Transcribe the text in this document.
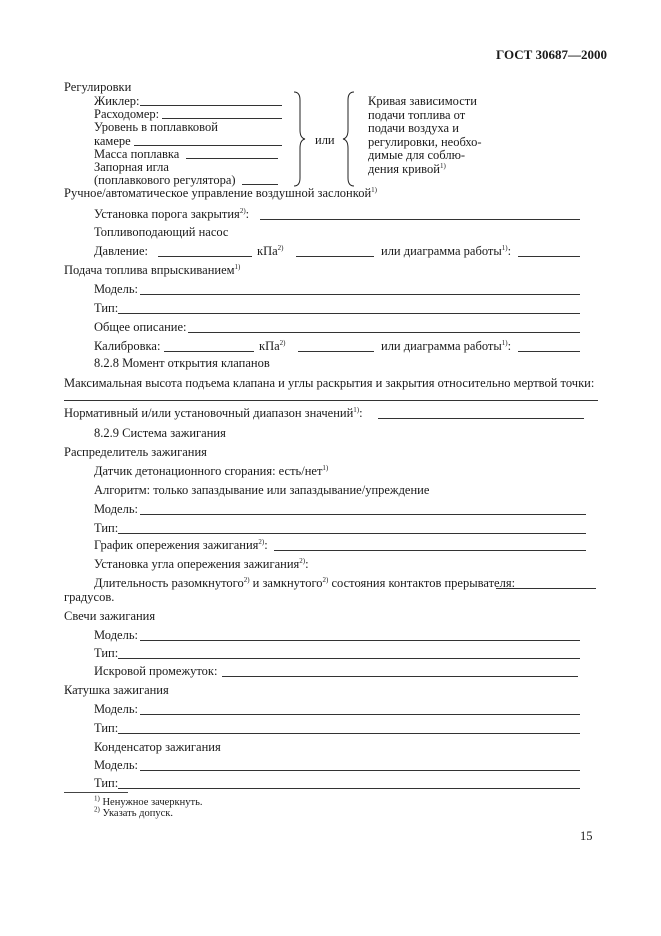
ГОСТ 30687—2000
Регулировки
Жиклер:
Расходомер:
Уровень в поплавковой
камере
Масса поплавка
Запорная игла
(поплавкового регулятора)
или
Кривая зависимости
подачи топлива от
подачи воздуха и
регулировки, необхо-
димые для соблю-
дения кривой$^{1)}$
Ручное/автоматическое управление воздушной заслонкой$^{1)}$
Установка порога закрытия$^{2)}$:
Топливоподающий насос
Давление:	кПа$^{2)}$	или диаграмма работы$^{1)}$:
Подача топлива впрыскиванием$^{1)}$
Модель:
Тип:
Общее описание:
Калибровка:	кПа$^{2)}$	или диаграмма работы$^{1)}$:
8.2.8 Момент открытия клапанов
Максимальная высота подъема клапана и углы раскрытия и закрытия относительно мертвой точки:
Нормативный и/или установочный диапазон значений$^{1)}$:
8.2.9 Система зажигания
Распределитель зажигания
Датчик детонационного сгорания: есть/нет$^{1)}$
Алгоритм: только запаздывание или запаздывание/упреждение
Модель:
Тип:
График опережения зажигания$^{2)}$:
Установка угла опережения зажигания$^{2)}$:
Длительность разомкнутого$^{2)}$ и замкнутого$^{2)}$ состояния контактов прерывателя:
градусов.
Свечи зажигания
Модель:
Тип:
Искровой промежуток:
Катушка зажигания
Модель:
Тип:
Конденсатор зажигания
Модель:
Тип:
$^{1)}$ Ненужное зачеркнуть.
$^{2)}$ Указать допуск.
15
